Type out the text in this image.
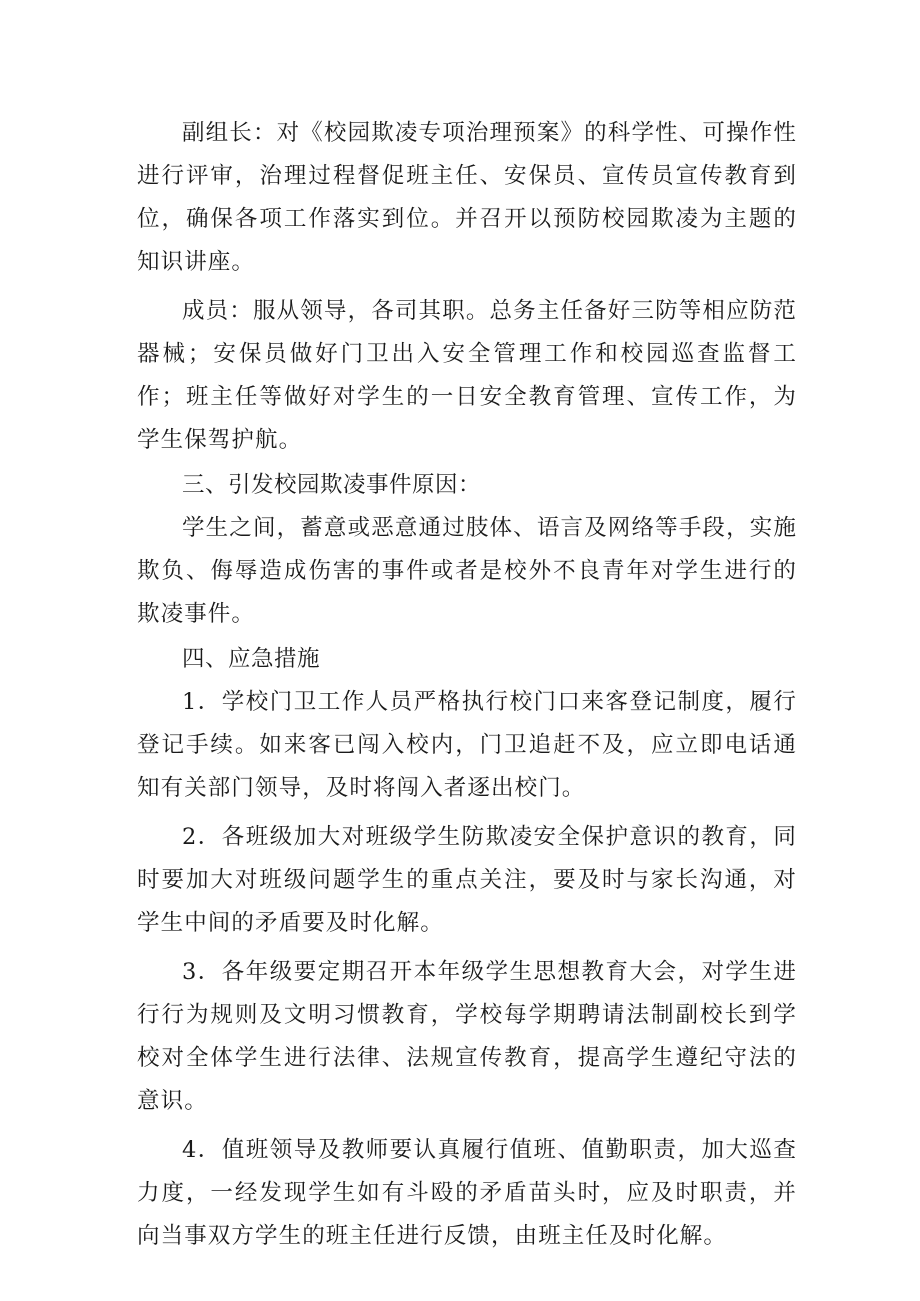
副组长：对《校园欺凌专项治理预案》的科学性、可操作性进行评审，治理过程督促班主任、安保员、宣传员宣传教育到位，确保各项工作落实到位。并召开以预防校园欺凌为主题的知识讲座。

成员：服从领导，各司其职。总务主任备好三防等相应防范器械；安保员做好门卫出入安全管理工作和校园巡查监督工作；班主任等做好对学生的一日安全教育管理、宣传工作，为学生保驾护航。

三、引发校园欺凌事件原因：

学生之间，蓄意或恶意通过肢体、语言及网络等手段，实施欺负、侮辱造成伤害的事件或者是校外不良青年对学生进行的欺凌事件。

四、应急措施

1．学校门卫工作人员严格执行校门口来客登记制度，履行登记手续。如来客已闯入校内，门卫追赶不及，应立即电话通知有关部门领导，及时将闯入者逐出校门。

2．各班级加大对班级学生防欺凌安全保护意识的教育，同时要加大对班级问题学生的重点关注，要及时与家长沟通，对学生中间的矛盾要及时化解。

3．各年级要定期召开本年级学生思想教育大会，对学生进行行为规则及文明习惯教育，学校每学期聘请法制副校长到学校对全体学生进行法律、法规宣传教育，提高学生遵纪守法的意识。

4．值班领导及教师要认真履行值班、值勤职责，加大巡查力度，一经发现学生如有斗殴的矛盾苗头时，应及时职责，并向当事双方学生的班主任进行反馈，由班主任及时化解。
